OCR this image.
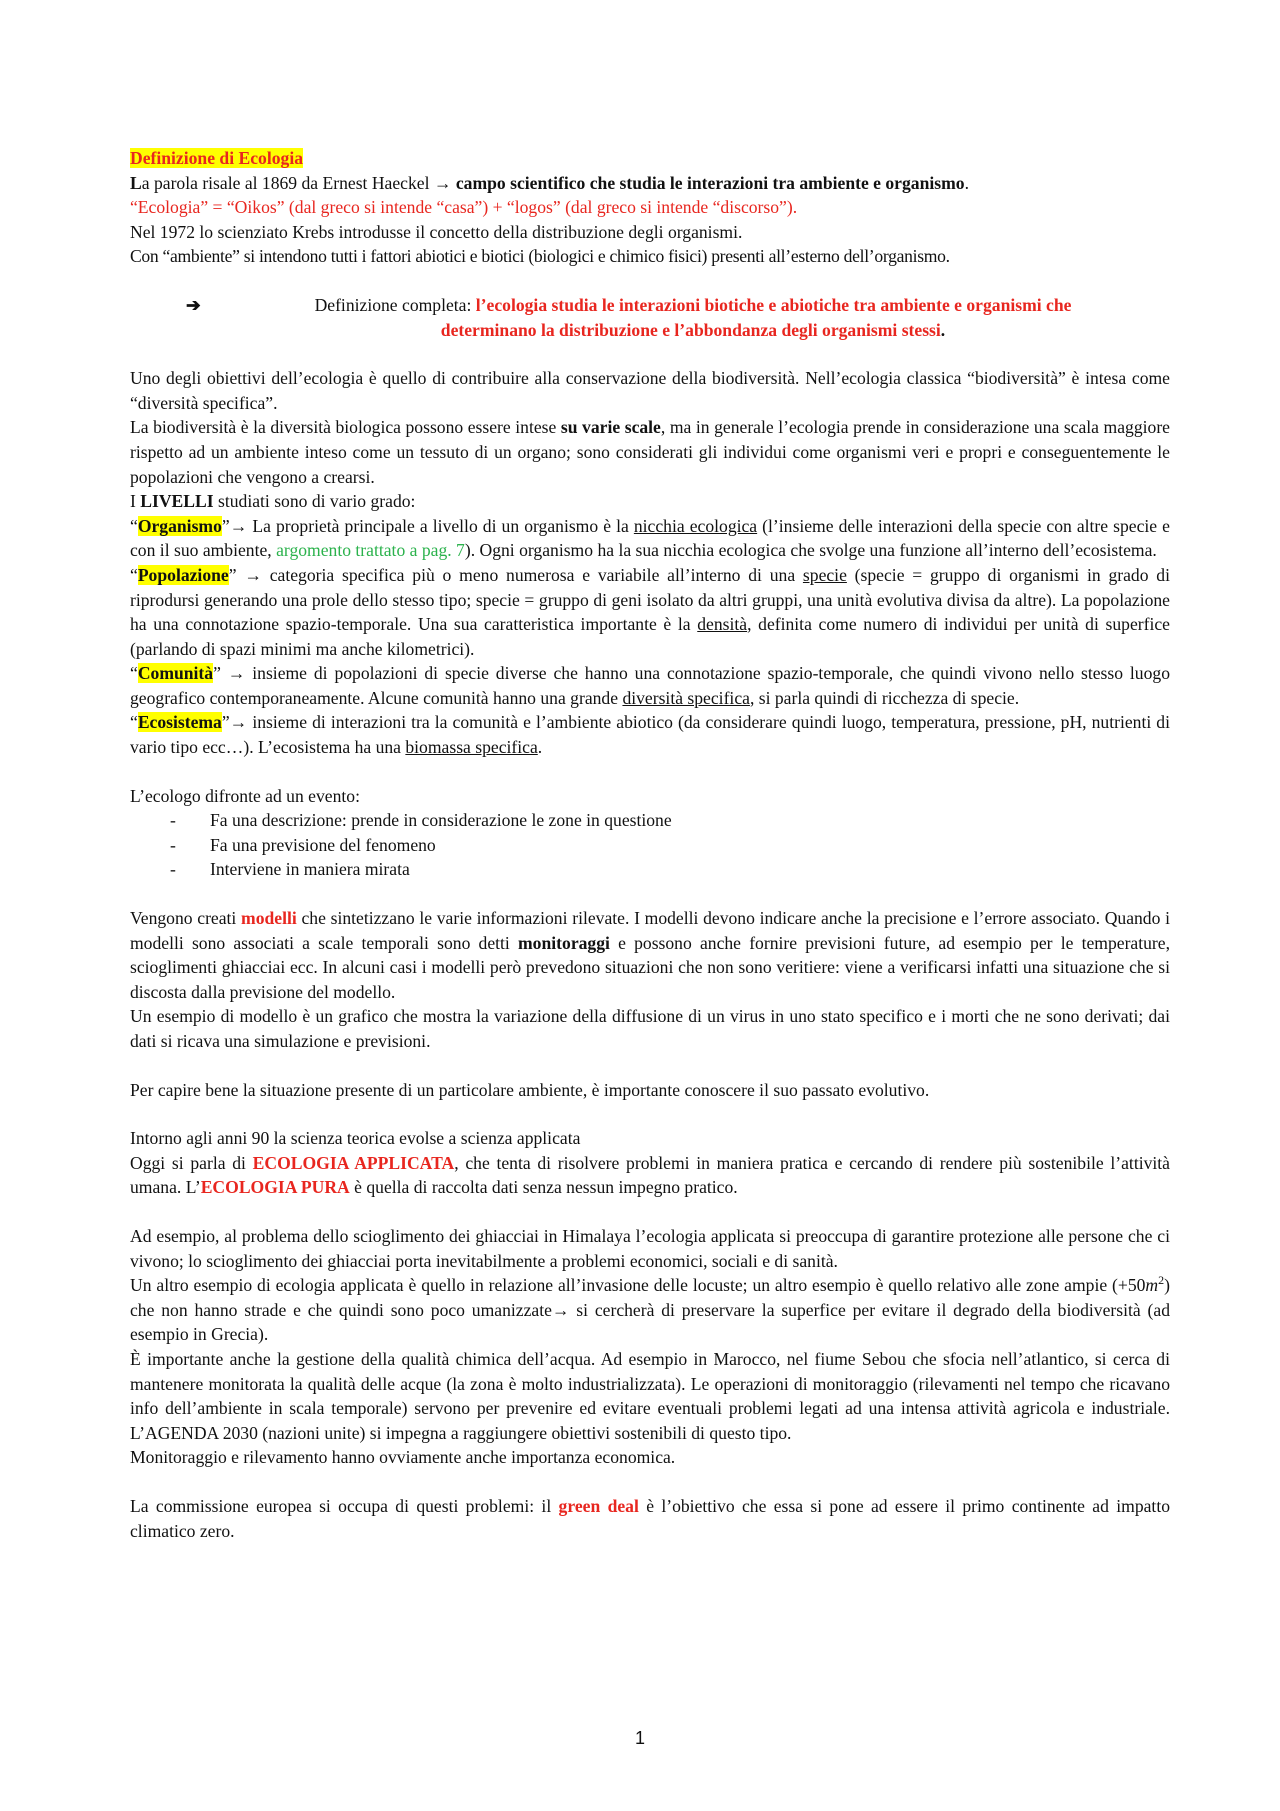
Definizione di Ecologia

La parola risale al 1869 da Ernest Haeckel → campo scientifico che studia le interazioni tra ambiente e organismo.

“Ecologia” = “Oikos” (dal greco si intende “casa”) + “logos” (dal greco si intende “discorso”).

Nel 1972 lo scienziato Krebs introdusse il concetto della distribuzione degli organismi.

Con “ambiente” si intendono tutti i fattori abiotici e biotici (biologici e chimico fisici) presenti all’esterno dell’organismo.

➔	Definizione completa: l’ecologia studia le interazioni biotiche e abiotiche tra ambiente e organismi che
determinano la distribuzione e l’abbondanza degli organismi stessi.

Uno degli obiettivi dell’ecologia è quello di contribuire alla conservazione della biodiversità. Nell’ecologia classica “biodiversità” è intesa come “diversità specifica”.

La biodiversità è la diversità biologica possono essere intese su varie scale, ma in generale l’ecologia prende in considerazione una scala maggiore rispetto ad un ambiente inteso come un tessuto di un organo; sono considerati gli individui come organismi veri e propri e conseguentemente le popolazioni che vengono a crearsi.

I LIVELLI studiati sono di vario grado:

“Organismo”→ La proprietà principale a livello di un organismo è la nicchia ecologica (l’insieme delle interazioni della specie con altre specie e con il suo ambiente, argomento trattato a pag. 7). Ogni organismo ha la sua nicchia ecologica che svolge una funzione all’interno dell’ecosistema.

“Popolazione” → categoria specifica più o meno numerosa e variabile all’interno di una specie (specie = gruppo di organismi in grado di riprodursi generando una prole dello stesso tipo; specie = gruppo di geni isolato da altri gruppi, una unità evolutiva divisa da altre). La popolazione ha una connotazione spazio-temporale. Una sua caratteristica importante è la densità, definita come numero di individui per unità di superfice (parlando di spazi minimi ma anche kilometrici).

“Comunità” → insieme di popolazioni di specie diverse che hanno una connotazione spazio-temporale, che quindi vivono nello stesso luogo geografico contemporaneamente. Alcune comunità hanno una grande diversità specifica, si parla quindi di ricchezza di specie.

“Ecosistema”→ insieme di interazioni tra la comunità e l’ambiente abiotico (da considerare quindi luogo, temperatura, pressione, pH, nutrienti di vario tipo ecc…). L’ecosistema ha una biomassa specifica.

L’ecologo difronte ad un evento:

-	Fa una descrizione: prende in considerazione le zone in questione
-	Fa una previsione del fenomeno
-	Interviene in maniera mirata

Vengono creati modelli che sintetizzano le varie informazioni rilevate. I modelli devono indicare anche la precisione e l’errore associato. Quando i modelli sono associati a scale temporali sono detti monitoraggi e possono anche fornire previsioni future, ad esempio per le temperature, scioglimenti ghiacciai ecc. In alcuni casi i modelli però prevedono situazioni che non sono veritiere: viene a verificarsi infatti una situazione che si discosta dalla previsione del modello.

Un esempio di modello è un grafico che mostra la variazione della diffusione di un virus in uno stato specifico e i morti che ne sono derivati; dai dati si ricava una simulazione e previsioni.

Per capire bene la situazione presente di un particolare ambiente, è importante conoscere il suo passato evolutivo.

Intorno agli anni 90 la scienza teorica evolse a scienza applicata

Oggi si parla di ECOLOGIA APPLICATA, che tenta di risolvere problemi in maniera pratica e cercando di rendere più sostenibile l’attività umana. L’ECOLOGIA PURA è quella di raccolta dati senza nessun impegno pratico.

Ad esempio, al problema dello scioglimento dei ghiacciai in Himalaya l’ecologia applicata si preoccupa di garantire protezione alle persone che ci vivono; lo scioglimento dei ghiacciai porta inevitabilmente a problemi economici, sociali e di sanità.

Un altro esempio di ecologia applicata è quello in relazione all’invasione delle locuste; un altro esempio è quello relativo alle zone ampie $(+50m^2)$ che non hanno strade e che quindi sono poco umanizzate→ si cercherà di preservare la superfice per evitare il degrado della biodiversità (ad esempio in Grecia).

È importante anche la gestione della qualità chimica dell’acqua. Ad esempio in Marocco, nel fiume Sebou che sfocia nell’atlantico, si cerca di mantenere monitorata la qualità delle acque (la zona è molto industrializzata). Le operazioni di monitoraggio (rilevamenti nel tempo che ricavano info dell’ambiente in scala temporale) servono per prevenire ed evitare eventuali problemi legati ad una intensa attività agricola e industriale. L’AGENDA 2030 (nazioni unite) si impegna a raggiungere obiettivi sostenibili di questo tipo.

Monitoraggio e rilevamento hanno ovviamente anche importanza economica.

La commissione europea si occupa di questi problemi: il green deal è l’obiettivo che essa si pone ad essere il primo continente ad impatto climatico zero.

1
